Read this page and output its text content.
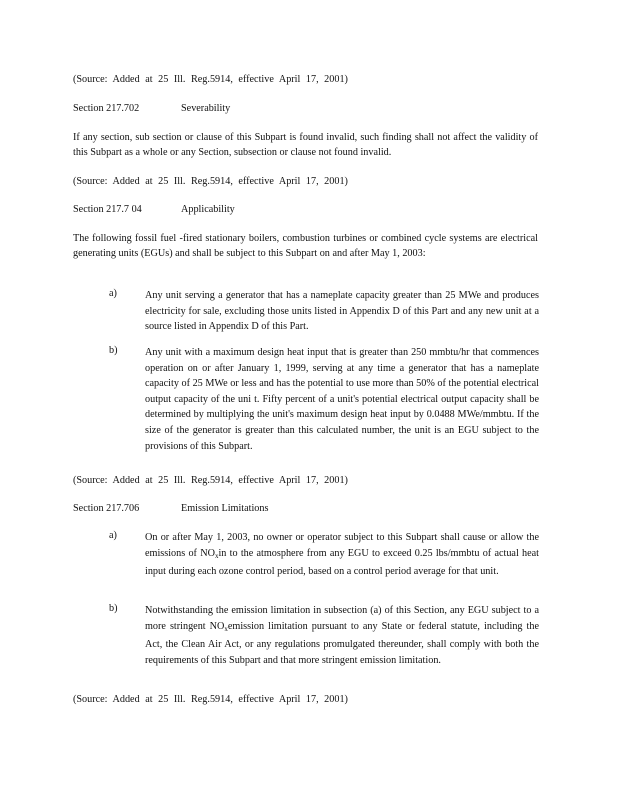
(Source: Added at 25 Ill. Reg.5914, effective April 17, 2001)
Section 217.702	Severability
If any section, sub section or clause of this Subpart is found invalid, such finding shall not affect the validity of this Subpart as a whole or any Section, subsection or clause not found invalid.
(Source: Added at 25 Ill. Reg.5914, effective April 17, 2001)
Section 217.7 04	Applicability
The following fossil fuel -fired stationary boilers, combustion turbines or combined cycle systems are electrical generating units (EGUs) and shall be subject to this Subpart on and after May 1, 2003:
a)	Any unit serving a generator that has a nameplate capacity greater than 25 MWe and produces electricity for sale, excluding those units listed in Appendix D of this Part and any new unit at a source listed in Appendix D of this Part.
b)	Any unit with a maximum design heat input that is greater than 250 mmbtu/hr that commences operation on or after January 1, 1999, serving at any time a generator that has a nameplate capacity of 25 MWe or less and has the potential to use more than 50% of the potential electrical output capacity of the uni t. Fifty percent of a unit's potential electrical output capacity shall be determined by multiplying the unit's maximum design heat input by 0.0488 MWe/mmbtu. If the size of the generator is greater than this calculated number, the unit is an EGU subject to the provisions of this Subpart.
(Source: Added at 25 Ill. Reg.5914, effective April 17, 2001)
Section 217.706	Emission Limitations
a)	On or after May 1, 2003, no owner or operator subject to this Subpart shall cause or allow the emissions of $NO_xin$ to the atmosphere from any EGU to exceed 0.25 lbs/mmbtu of actual heat input during each ozone control period, based on a control period average for that unit.
b)	Notwithstanding the emission limitation in subsection (a) of this Section, any EGU subject to a more stringent $NO_xemission$ limitation pursuant to any State or federal statute, including the Act, the Clean Air Act, or any regulations promulgated thereunder, shall comply with both the requirements of this Subpart and that more stringent emission limitation.
(Source: Added at 25 Ill. Reg.5914, effective April 17, 2001)
